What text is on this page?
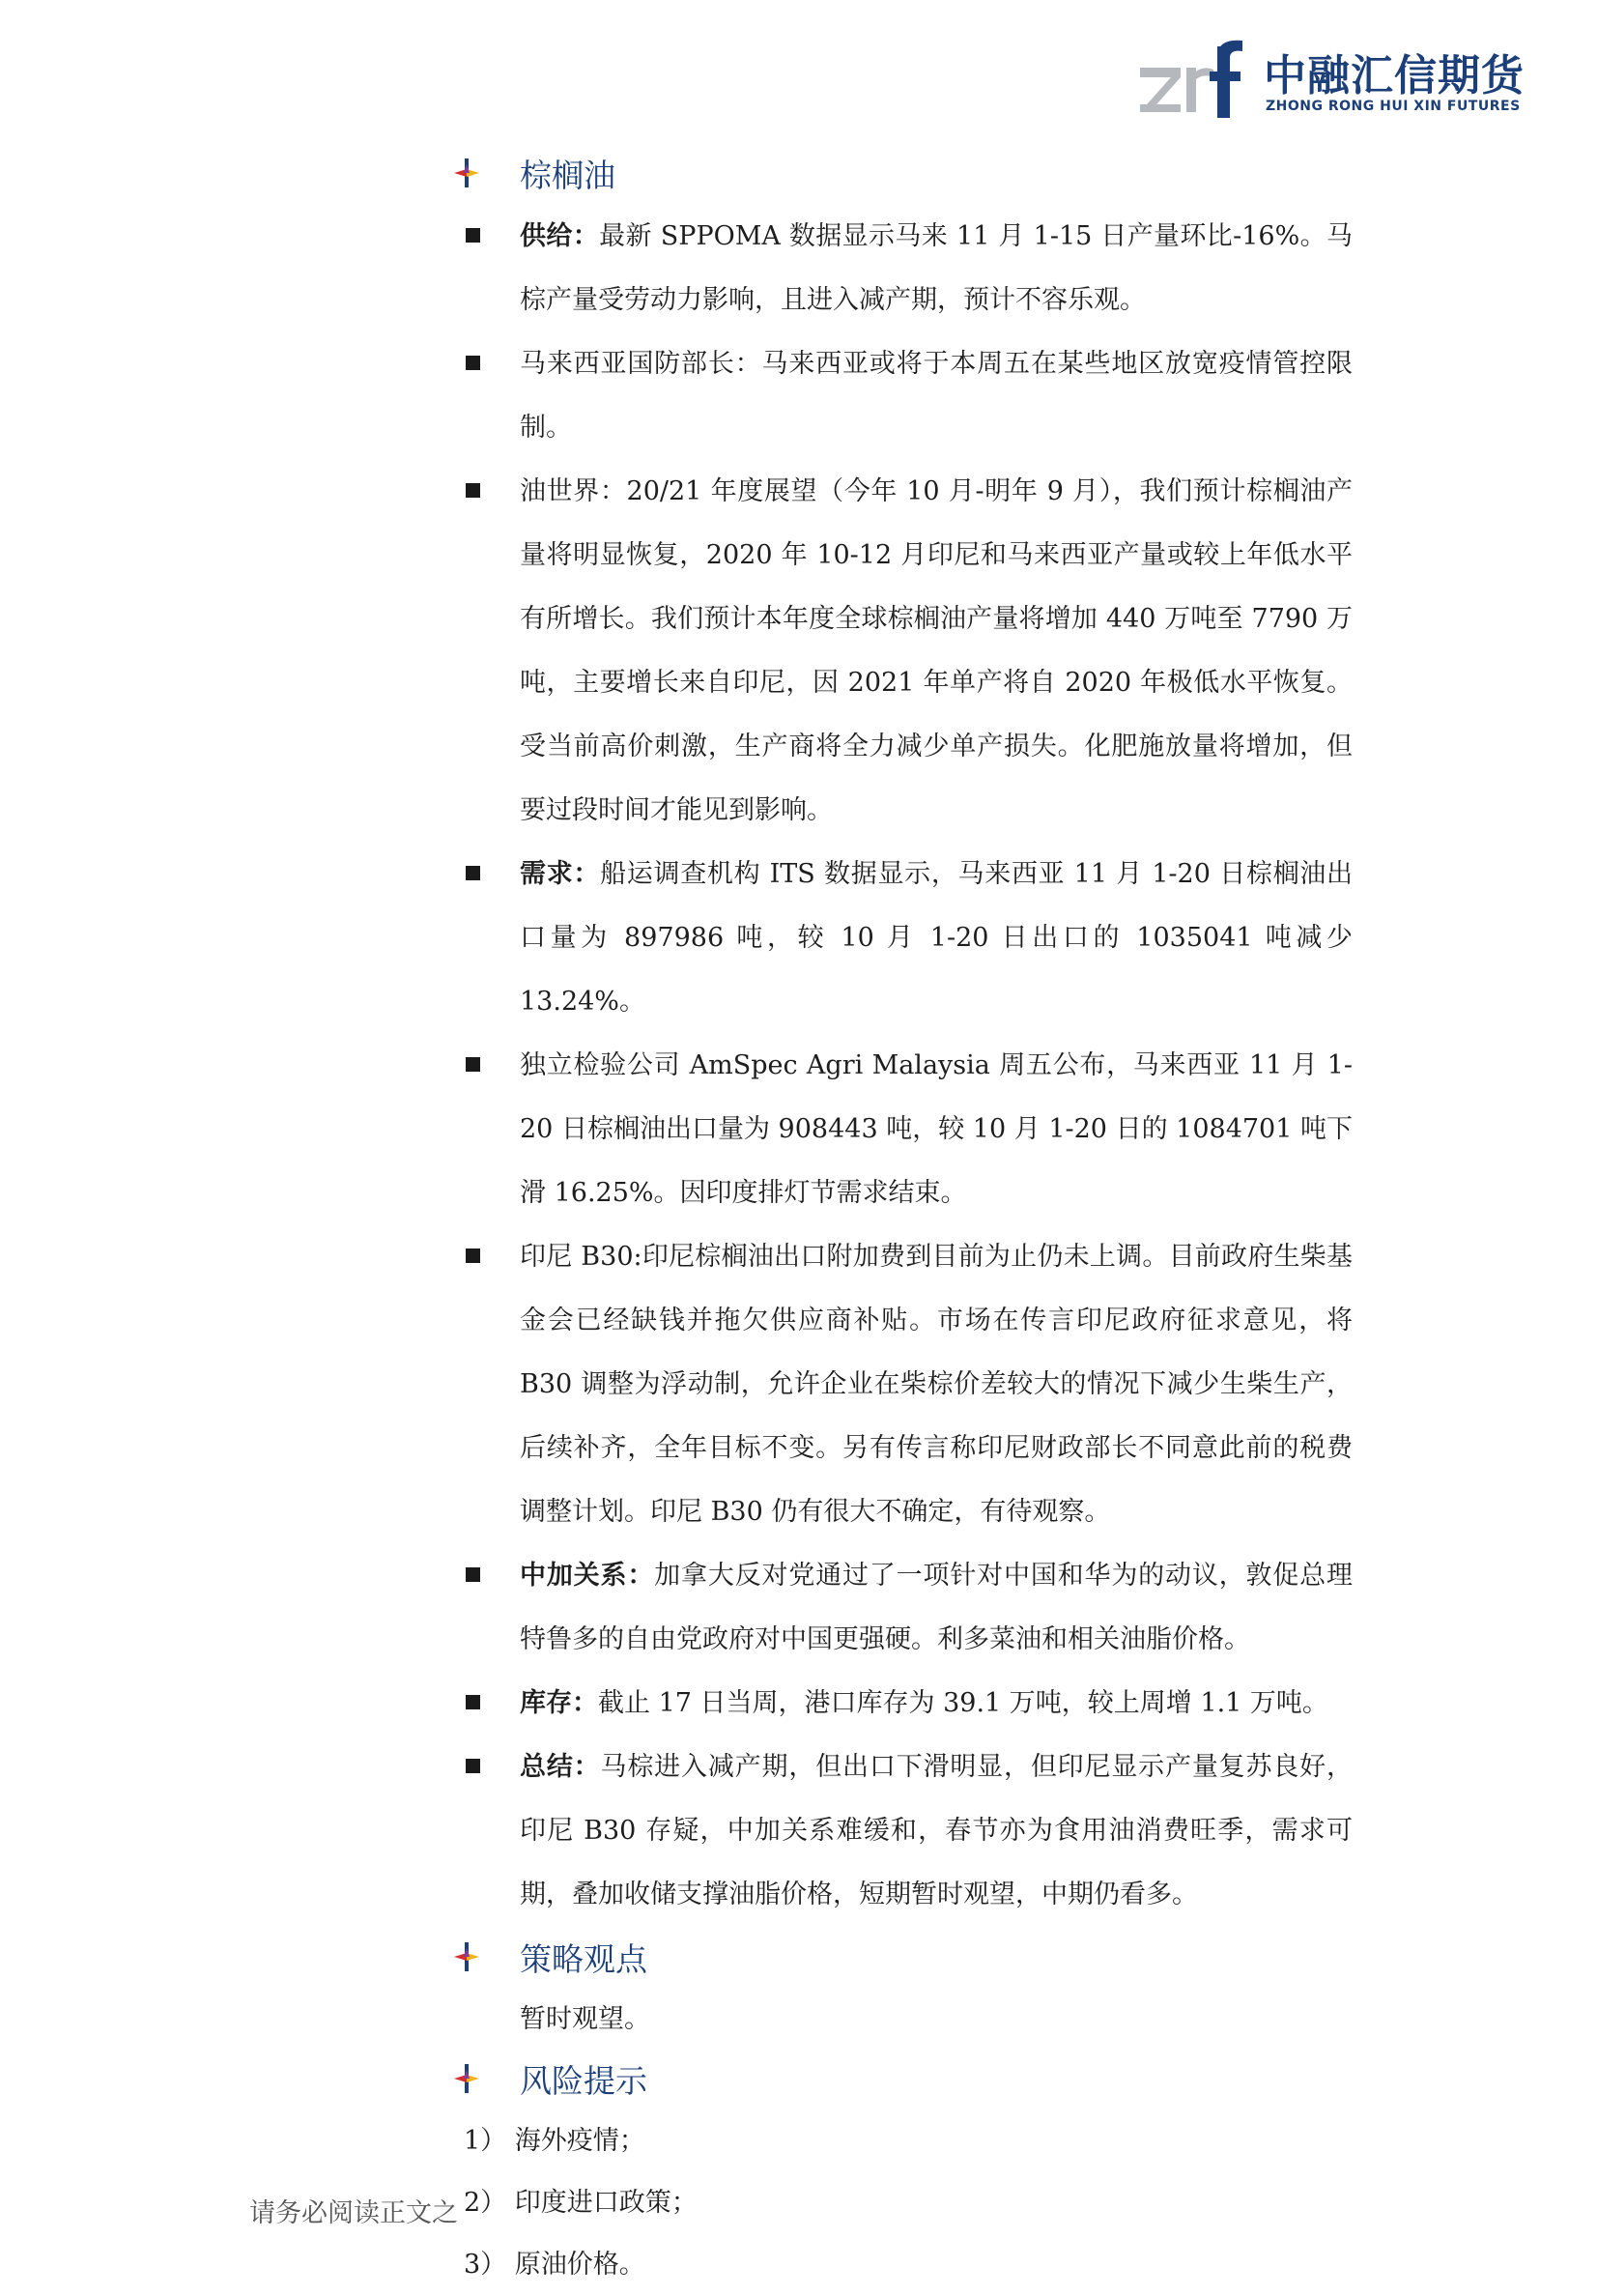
中融汇信期货
ZHONG RONG HUI XIN FUTURES
棕榈油

供给：最新 SPPOMA 数据显示马来 11 月 1-15 日产量环比-16%。马棕产量受劳动力影响，且进入减产期，预计不容乐观。

马来西亚国防部长：马来西亚或将于本周五在某些地区放宽疫情管控限制。

油世界：20/21 年度展望（今年 10 月-明年 9 月），我们预计棕榈油产量将明显恢复，2020 年 10-12 月印尼和马来西亚产量或较上年低水平有所增长。我们预计本年度全球棕榈油产量将增加 440 万吨至 7790 万吨，主要增长来自印尼，因 2021 年单产将自 2020 年极低水平恢复。受当前高价刺激，生产商将全力减少单产损失。化肥施放量将增加，但要过段时间才能见到影响。

需求：船运调查机构 ITS 数据显示，马来西亚 11 月 1-20 日棕榈油出口量为 897986 吨，较 10 月 1-20 日出口的 1035041 吨减少 13.24%。

独立检验公司 AmSpec Agri Malaysia 周五公布，马来西亚 11 月 1-20 日棕榈油出口量为 908443 吨，较 10 月 1-20 日的 1084701 吨下滑 16.25%。因印度排灯节需求结束。

印尼 B30:印尼棕榈油出口附加费到目前为止仍未上调。目前政府生柴基金会已经缺钱并拖欠供应商补贴。市场在传言印尼政府征求意见，将 B30 调整为浮动制，允许企业在柴棕价差较大的情况下减少生柴生产，后续补齐，全年目标不变。另有传言称印尼财政部长不同意此前的税费调整计划。印尼 B30 仍有很大不确定，有待观察。

中加关系：加拿大反对党通过了一项针对中国和华为的动议，敦促总理特鲁多的自由党政府对中国更强硬。利多菜油和相关油脂价格。

库存：截止 17 日当周，港口库存为 39.1 万吨，较上周增 1.1 万吨。

总结：马棕进入减产期，但出口下滑明显，但印尼显示产量复苏良好，印尼 B30 存疑，中加关系难缓和，春节亦为食用油消费旺季，需求可期，叠加收储支撑油脂价格，短期暂时观望，中期仍看多。

策略观点
暂时观望。
风险提示
1） 海外疫情；
2） 印度进口政策；
3） 原油价格。
请务必阅读正文之
